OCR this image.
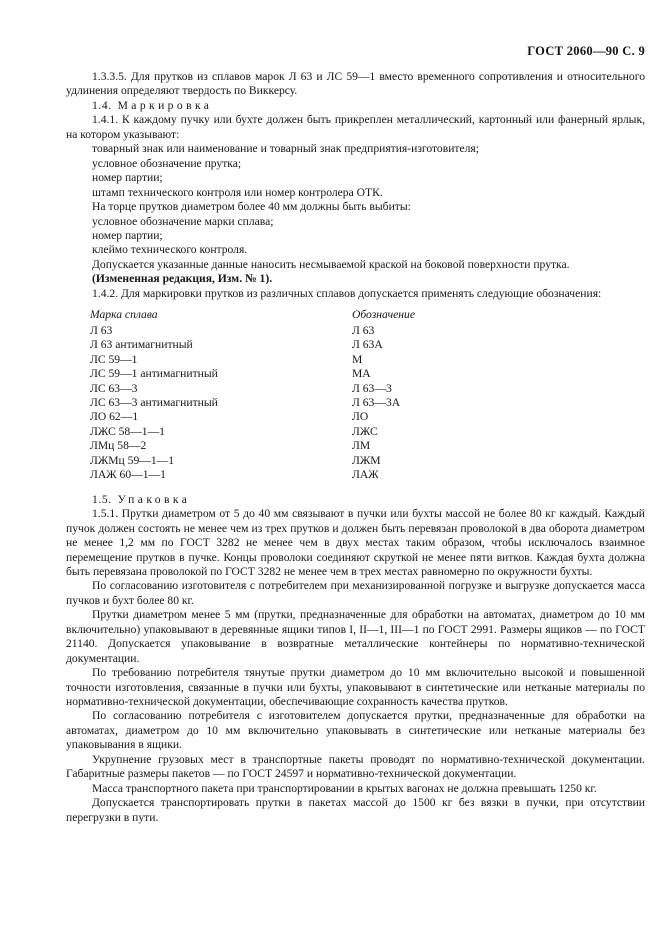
ГОСТ 2060—90 С. 9

1.3.3.5. Для прутков из сплавов марок Л 63 и ЛС 59—1 вместо временного сопротивления и относительного удлинения определяют твердость по Виккерсу.

1.4. Маркировка

1.4.1. К каждому пучку или бухте должен быть прикреплен металлический, картонный или фанерный ярлык, на котором указывают:

товарный знак или наименование и товарный знак предприятия-изготовителя;

условное обозначение прутка;

номер партии;

штамп технического контроля или номер контролера ОТК.

На торце прутков диаметром более 40 мм должны быть выбиты:

условное обозначение марки сплава;

номер партии;

клеймо технического контроля.

Допускается указанные данные наносить несмываемой краской на боковой поверхности прутка.

(Измененная редакция, Изм. № 1).

1.4.2. Для маркировки прутков из различных сплавов допускается применять следующие обозначения:

Марка сплава	Обозначение
Л 63	Л 63
Л 63 антимагнитный	Л 63А
ЛС 59—1	М
ЛС 59—1 антимагнитный	МА
ЛС 63—3	Л 63—3
ЛС 63—3 антимагнитный	Л 63—3А
ЛО 62—1	ЛО
ЛЖС 58—1—1	ЛЖС
ЛМц 58—2	ЛМ
ЛЖМц 59—1—1	ЛЖМ
ЛАЖ 60—1—1	ЛАЖ

1.5. Упаковка

1.5.1. Прутки диаметром от 5 до 40 мм связывают в пучки или бухты массой не более 80 кг каждый. Каждый пучок должен состоять не менее чем из трех прутков и должен быть перевязан проволокой в два оборота диаметром не менее 1,2 мм по ГОСТ 3282 не менее чем в двух местах таким образом, чтобы исключалось взаимное перемещение прутков в пучке. Концы проволоки соединяют скруткой не менее пяти витков. Каждая бухта должна быть перевязана проволокой по ГОСТ 3282 не менее чем в трех местах равномерно по окружности бухты.

По согласованию изготовителя с потребителем при механизированной погрузке и выгрузке допускается масса пучков и бухт более 80 кг.

Прутки диаметром менее 5 мм (прутки, предназначенные для обработки на автоматах, диаметром до 10 мм включительно) упаковывают в деревянные ящики типов I, II—1, III—1 по ГОСТ 2991. Размеры ящиков — по ГОСТ 21140. Допускается упаковывание в возвратные металлические контейнеры по нормативно-технической документации.

По требованию потребителя тянутые прутки диаметром до 10 мм включительно высокой и повышенной точности изготовления, связанные в пучки или бухты, упаковывают в синтетические или нетканые материалы по нормативно-технической документации, обеспечивающие сохранность качества прутков.

По согласованию потребителя с изготовителем допускается прутки, предназначенные для обработки на автоматах, диаметром до 10 мм включительно упаковывать в синтетические или нетканые материалы без упаковывания в ящики.

Укрупнение грузовых мест в транспортные пакеты проводят по нормативно-технической документации. Габаритные размеры пакетов — по ГОСТ 24597 и нормативно-технической документации.

Масса транспортного пакета при транспортировании в крытых вагонах не должна превышать 1250 кг.

Допускается транспортировать прутки в пакетах массой до 1500 кг без вязки в пучки, при отсутствии перегрузки в пути.
